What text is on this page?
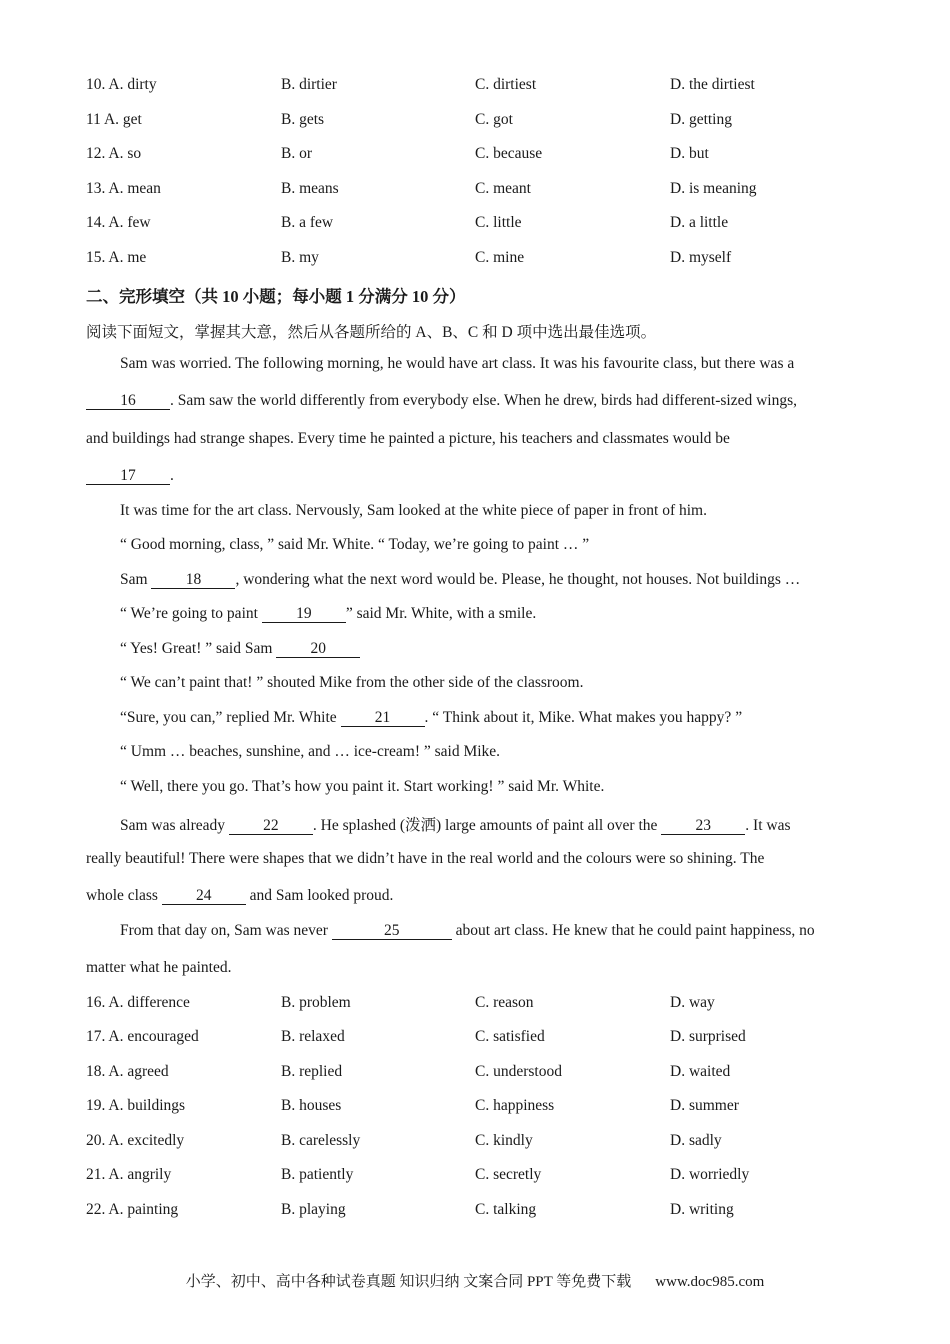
10. A. dirty	B. dirtier	C. dirtiest	D. the dirtiest
11 A. get	B. gets	C. got	D. getting
12. A. so	B. or	C. because	D. but
13. A. mean	B. means	C. meant	D. is meaning
14. A. few	B. a few	C. little	D. a little
15. A. me	B. my	C. mine	D. myself
二、完形填空（共 10 小题；每小题 1 分满分 10 分）
阅读下面短文，掌握其大意，然后从各题所给的 A、B、C 和 D 项中选出最佳选项。
Sam was worried. The following morning, he would have art class. It was his favourite class, but there was a
16 . Sam saw the world differently from everybody else. When he drew, birds had different-sized wings,
and buildings had strange shapes. Every time he painted a picture, his teachers and classmates would be
17 .
It was time for the art class. Nervously, Sam looked at the white piece of paper in front of him.
“ Good morning, class, ” said Mr. White. “ Today, we’re going to paint … ”
Sam 18 , wondering what the next word would be. Please, he thought, not houses. Not buildings …
“ We’re going to paint 19 ” said Mr. White, with a smile.
“ Yes! Great! ” said Sam 20
“ We can’t paint that! ” shouted Mike from the other side of the classroom.
“Sure, you can,” replied Mr. White 21 . “ Think about it, Mike. What makes you happy? ”
“ Umm … beaches, sunshine, and … ice-cream! ” said Mike.
“ Well, there you go. That’s how you paint it. Start working! ” said Mr. White.
Sam was already 22 . He splashed (泼洒) large amounts of paint all over the 23 . It was
really beautiful! There were shapes that we didn’t have in the real world and the colours were so shining. The
whole class 24 and Sam looked proud.
From that day on, Sam was never	25	about art class. He knew that he could paint happiness, no
matter what he painted.
16. A. difference	B. problem	C. reason	D. way
17. A. encouraged	B. relaxed	C. satisfied	D. surprised
18. A. agreed	B. replied	C. understood	D. waited
19. A. buildings	B. houses	C. happiness	D. summer
20. A. excitedly	B. carelessly	C. kindly	D. sadly
21. A. angrily	B. patiently	C. secretly	D. worriedly
22. A. painting	B. playing	C. talking	D. writing
小学、初中、高中各种试卷真题 知识归纳 文案合同 PPT 等免费下载 www.doc985.com
